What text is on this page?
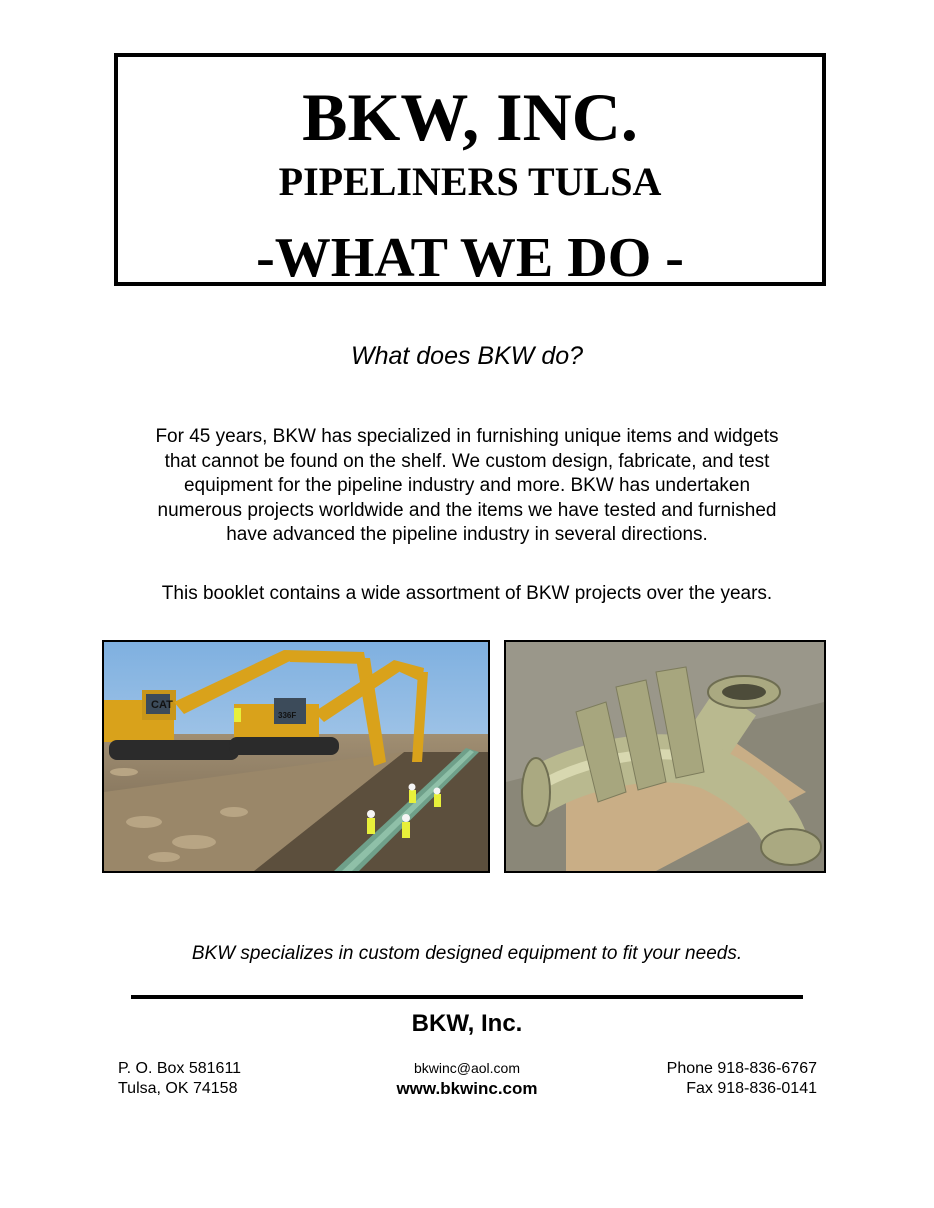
BKW, INC.
PIPELINERS TULSA
-WHAT WE DO -
What does BKW do?
For 45 years, BKW has specialized in furnishing unique items and widgets
that cannot be found on the shelf. We custom design, fabricate, and test
equipment for the pipeline industry and more. BKW has undertaken
numerous projects worldwide and the items we have tested and furnished
have advanced the pipeline industry in several directions.
This booklet contains a wide assortment of BKW projects over the years.
CAT
336F
BKW specializes in custom designed equipment to fit your needs.
BKW, Inc.
P. O. Box 581611
Tulsa, OK 74158
bkwinc@aol.com
www.bkwinc.com
Phone 918-836-6767
Fax 918-836-0141
